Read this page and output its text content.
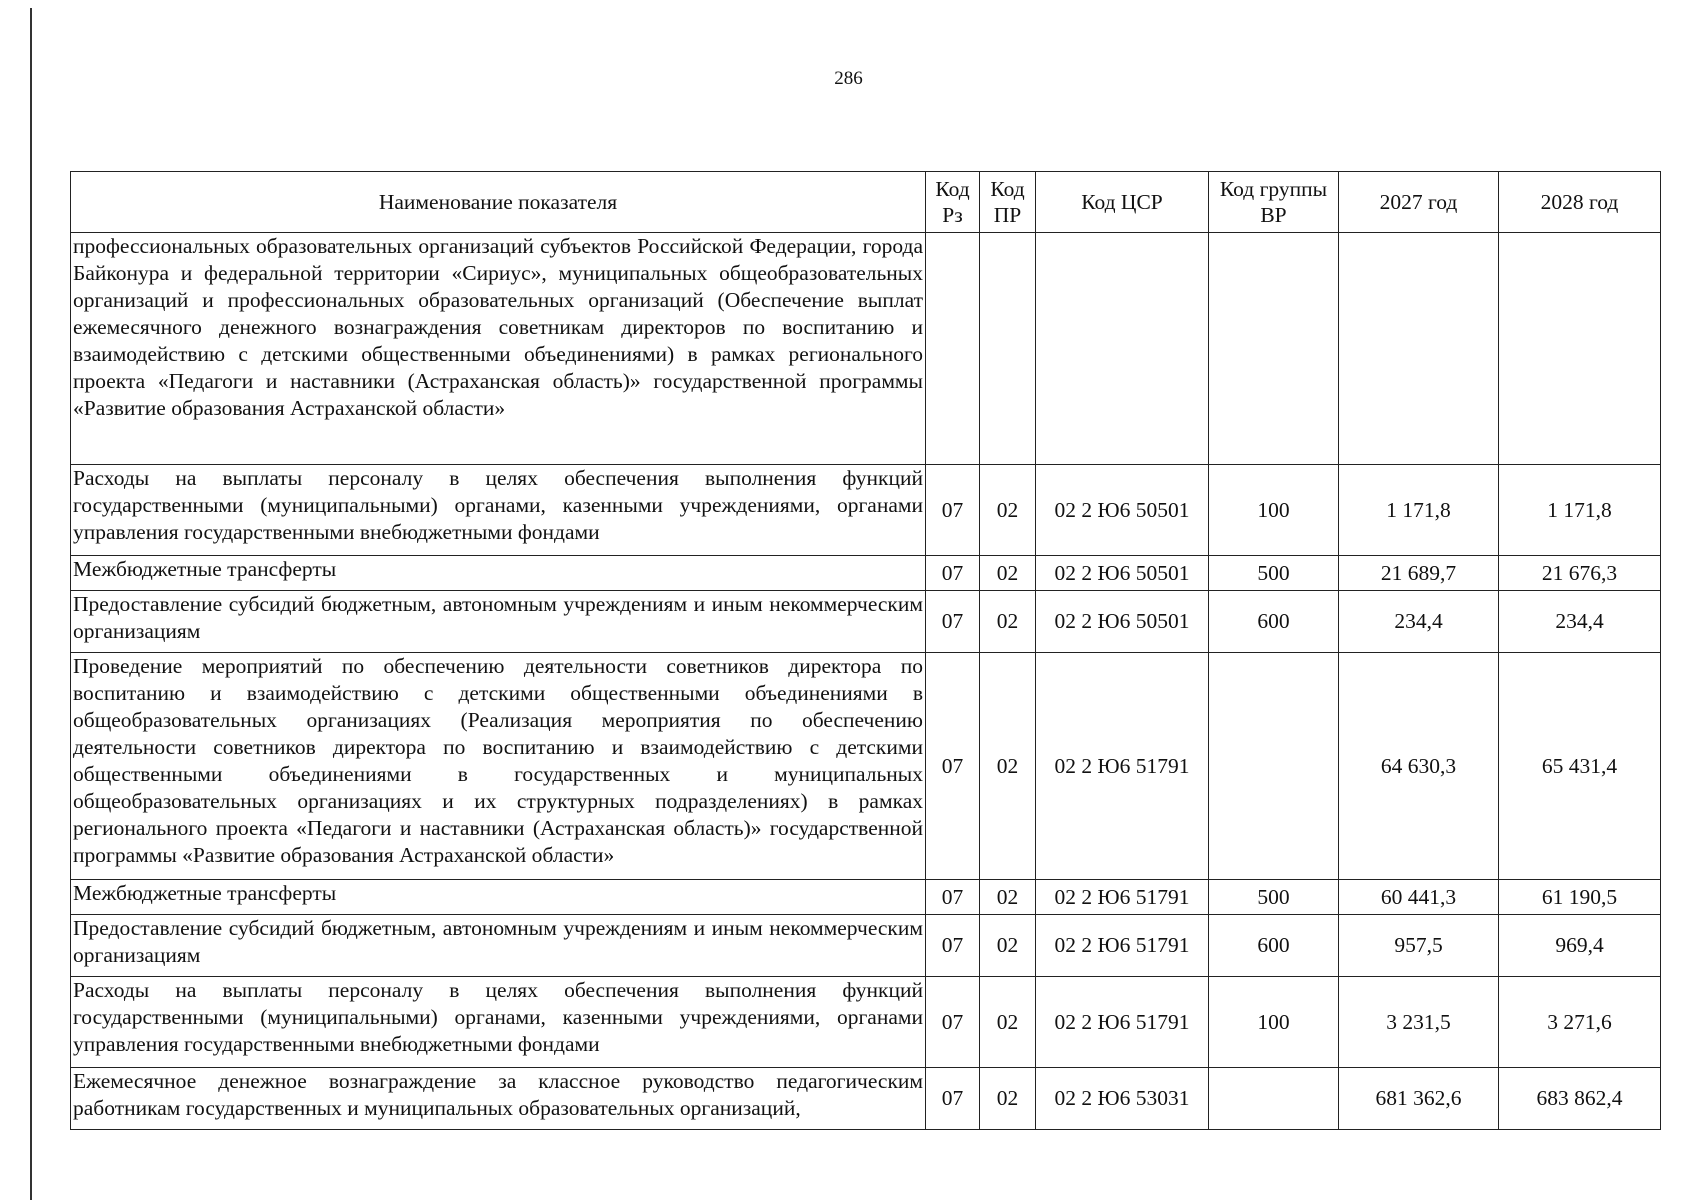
286
Наименование показателя	Код Рз	Код ПР	Код ЦСР	Код группы ВР	2027 год	2028 год
профессиональных образовательных организаций субъектов Российской Федерации, города Байконура и федеральной территории «Сириус», муниципальных общеобразовательных организаций и профессиональных образовательных организаций (Обеспечение выплат ежемесячного денежного вознаграждения советникам директоров по воспитанию и взаимодействию с детскими общественными объединениями) в рамках регионального проекта «Педагоги и наставники (Астраханская область)» государственной программы «Развитие образования Астраханской области»						
Расходы на выплаты персоналу в целях обеспечения выполнения функций государственными (муниципальными) органами, казенными учреждениями, органами управления государственными внебюджетными фондами	07	02	02 2 Ю6 50501	100	1 171,8	1 171,8
Межбюджетные трансферты	07	02	02 2 Ю6 50501	500	21 689,7	21 676,3
Предоставление субсидий бюджетным, автономным учреждениям и иным некоммерческим организациям	07	02	02 2 Ю6 50501	600	234,4	234,4
Проведение мероприятий по обеспечению деятельности советников директора по воспитанию и взаимодействию с детскими общественными объединениями в общеобразовательных организациях (Реализация мероприятия по обеспечению деятельности советников директора по воспитанию и взаимодействию с детскими общественными объединениями в государственных и муниципальных общеобразовательных организациях и их структурных подразделениях) в рамках регионального проекта «Педагоги и наставники (Астраханская область)» государственной программы «Развитие образования Астраханской области»	07	02	02 2 Ю6 51791		64 630,3	65 431,4
Межбюджетные трансферты	07	02	02 2 Ю6 51791	500	60 441,3	61 190,5
Предоставление субсидий бюджетным, автономным учреждениям и иным некоммерческим организациям	07	02	02 2 Ю6 51791	600	957,5	969,4
Расходы на выплаты персоналу в целях обеспечения выполнения функций государственными (муниципальными) органами, казенными учреждениями, органами управления государственными внебюджетными фондами	07	02	02 2 Ю6 51791	100	3 231,5	3 271,6
Ежемесячное денежное вознаграждение за классное руководство педагогическим работникам государственных и муниципальных образовательных организаций,	07	02	02 2 Ю6 53031		681 362,6	683 862,4
